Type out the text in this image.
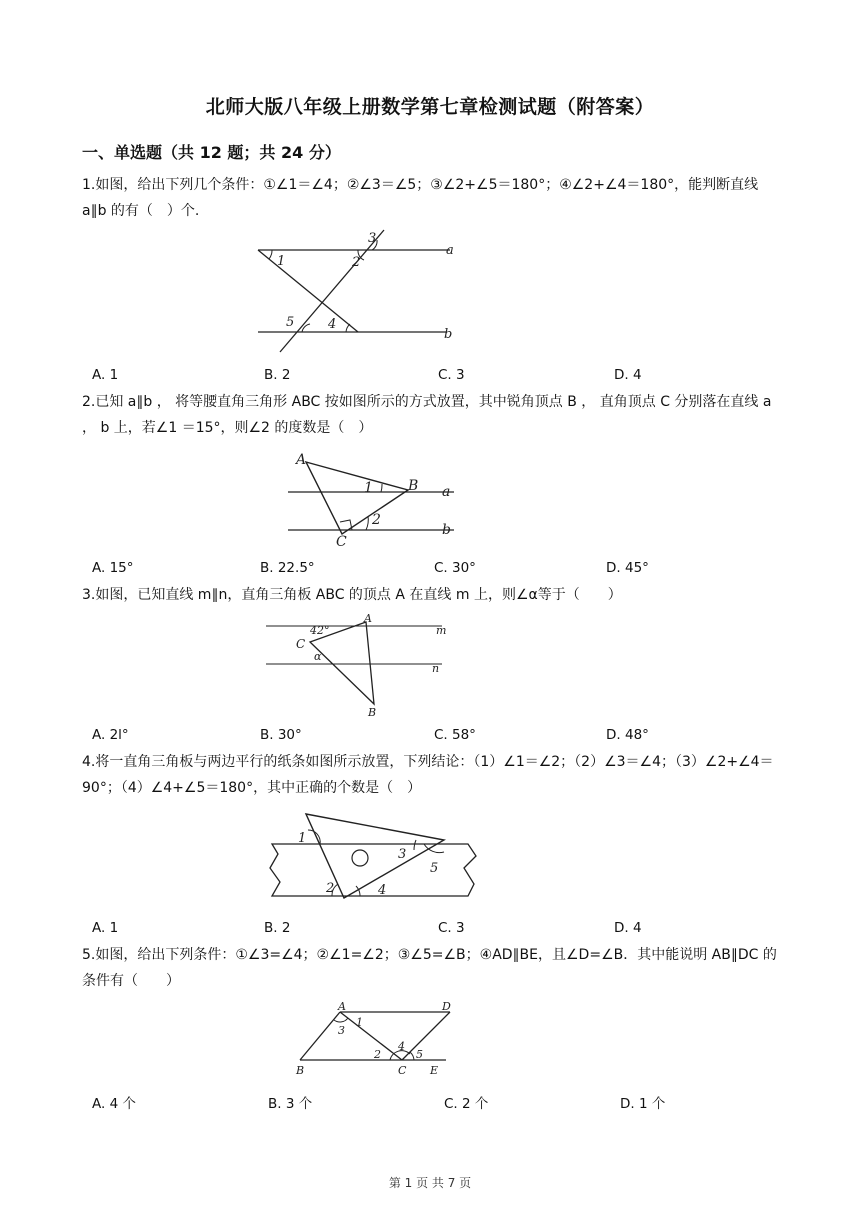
北师大版八年级上册数学第七章检测试题（附答案）
一、单选题（共 12 题；共 24 分）
1.如图，给出下列几个条件：①∠1＝∠4；②∠3＝∠5；③∠2+∠5＝180°；④∠2+∠4＝180°，能判断直线 a∥b 的有（　）个.
1	2
3
4
5
a
b
A. 1	B. 2	C. 3	D. 4
2.已知 a∥b ， 将等腰直角三角形 ABC 按如图所示的方式放置，其中锐角顶点 B ， 直角顶点 C 分别落在直线 a ， b 上，若∠1 ＝15°，则∠2 的度数是（　）
A
1	B a
2
b
C
A. 15°	B. 22.5°	C. 30°	D. 45°
3.如图，已知直线 m∥n，直角三角板 ABC 的顶点 A 在直线 m 上，则∠α等于（　　）
42°
A
m
C
α
n
B
A. 2l°	B. 30°	C. 58°	D. 48°
4.将一直角三角板与两边平行的纸条如图所示放置，下列结论：（1）∠1＝∠2；（2）∠3＝∠4；（3）∠2+∠4＝90°；（4）∠4+∠5＝180°，其中正确的个数是（　）
1
3
5
2	4
A. 1	B. 2	C. 3	D. 4
5.如图，给出下列条件：①∠3=∠4；②∠1=∠2；③∠5=∠B；④AD∥BE，且∠D=∠B．其中能说明 AB∥DC 的条件有（　　）
A	D
1
3
4
2	5
B	C E
A. 4 个	B. 3 个	C. 2 个	D. 1 个
第 1 页 共 7 页
